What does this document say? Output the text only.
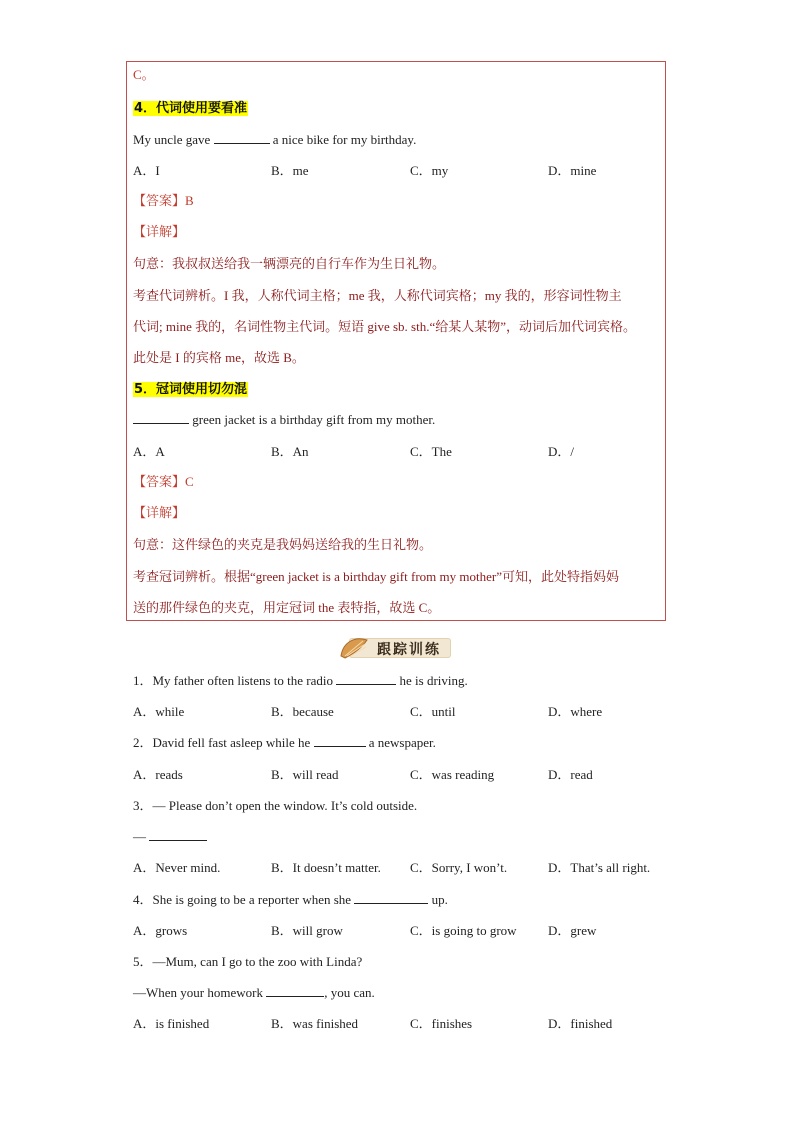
C。
4．代词使用要看准
My uncle gave	a nice bike for my birthday.
A．I	B．me	C．my	D．mine
【答案】B
【详解】
句意：我叔叔送给我一辆漂亮的自行车作为生日礼物。
考查代词辨析。I 我，人称代词主格；me 我，人称代词宾格；my 我的，形容词性物主
代词; mine 我的，名词性物主代词。短语 give sb. sth.“给某人某物”，动词后加代词宾格。
此处是 I 的宾格 me，故选 B。
5．冠词使用切勿混
green jacket is a birthday gift from my mother.
A．A	B．An	C．The	D．/
【答案】C
【详解】
句意：这件绿色的夹克是我妈妈送给我的生日礼物。
考查冠词辨析。根据“green jacket is a birthday gift from my mother”可知，此处特指妈妈
送的那件绿色的夹克，用定冠词 the 表特指，故选 C。
跟踪训练
1．My father often listens to the radio	he is driving.
A．while	B．because	C．until	D．where
2．David fell fast asleep while he	a newspaper.
A．reads	B．will read	C．was reading	D．read
3．— Please don’t open the window. It’s cold outside.
—
A．Never mind.	B．It doesn’t matter. C．Sorry, I won’t.	D．That’s all right.
4．She is going to be a reporter when she	up.
A．grows	B．will grow	C．is going to grow D．grew
5．—Mum, can I go to the zoo with Linda?
—When your homework	, you can.
A．is finished	B．was finished	C．finishes	D．finished
